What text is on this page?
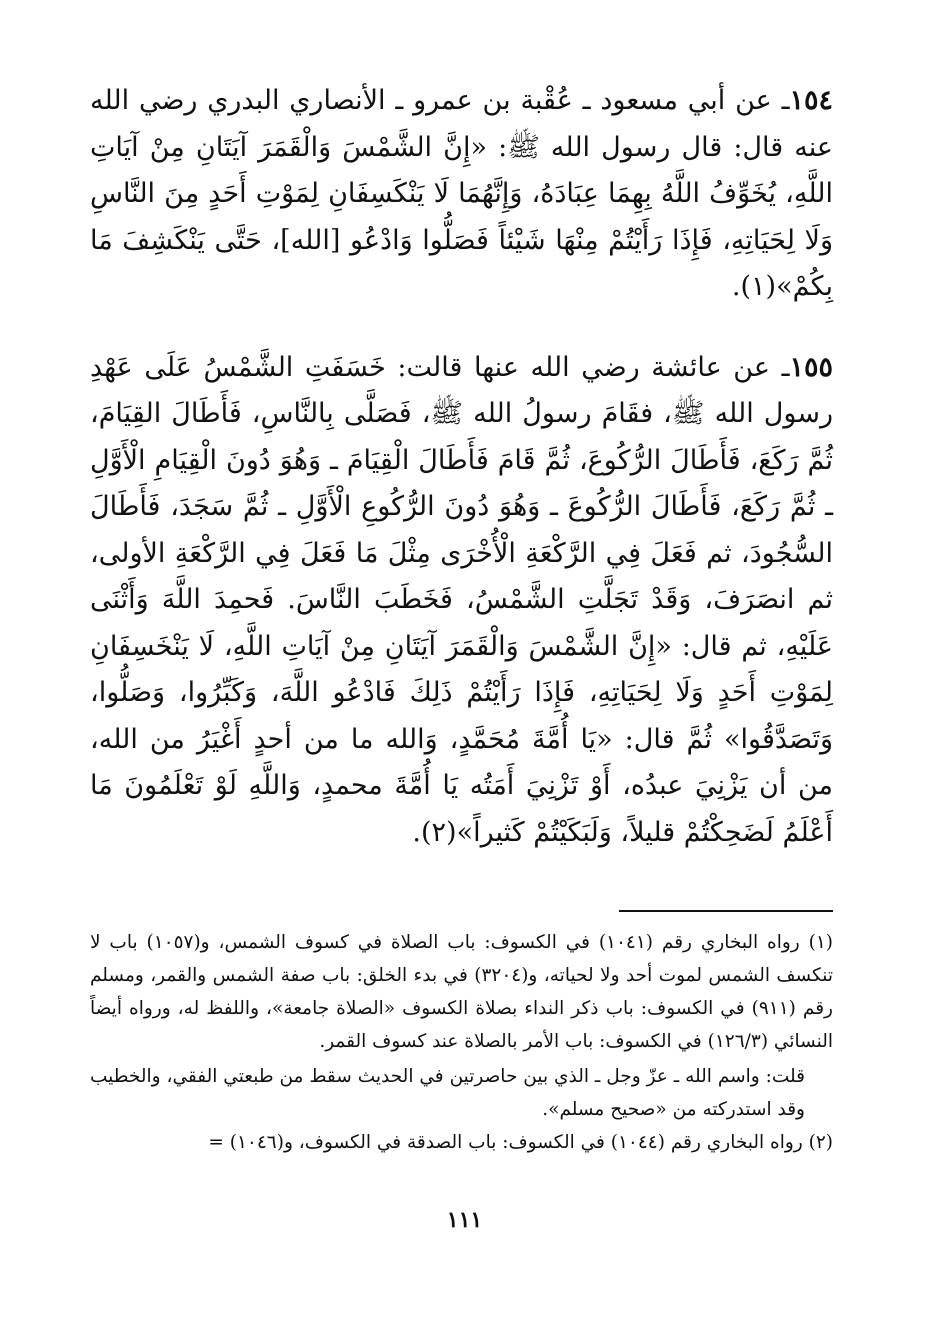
١٥٤ـ عن أبي مسعود ـ عُقْبة بن عمرو ـ الأنصاري البدري رضي الله عنه قال: قال رسول الله ﷺ: «إِنَّ الشَّمْسَ وَالْقَمَرَ آيَتَانِ مِنْ آيَاتِ اللَّهِ، يُخَوِّفُ اللَّهُ بِهِمَا عِبَادَهُ، وَإِنَّهُمَا لَا يَنْكَسِفَانِ لِمَوْتِ أَحَدٍ مِنَ النَّاسِ وَلَا لِحَيَاتِهِ، فَإِذَا رَأَيْتُمْ مِنْهَا شَيْئاً فَصَلُّوا وَادْعُو [الله]، حَتَّى يَنْكَشِفَ مَا بِكُمْ»(١).

١٥٥ـ عن عائشة رضي الله عنها قالت: خَسَفَتِ الشَّمْسُ عَلَى عَهْدِ رسول الله ﷺ، فقَامَ رسولُ الله ﷺ، فَصَلَّى بِالنَّاسِ، فَأَطَالَ القِيَامَ، ثُمَّ رَكَعَ، فَأَطَالَ الرُّكُوعَ، ثُمَّ قَامَ فَأَطَالَ الْقِيَامَ ـ وَهُوَ دُونَ الْقِيَامِ الْأَوَّلِ ـ ثُمَّ رَكَعَ، فَأَطَالَ الرُّكُوعَ ـ وَهُوَ دُونَ الرُّكُوعِ الْأَوَّلِ ـ ثُمَّ سَجَدَ، فَأَطَالَ السُّجُودَ، ثم فَعَلَ فِي الرَّكْعَةِ الْأُخْرَى مِثْلَ مَا فَعَلَ فِي الرَّكْعَةِ الأولى، ثم انصَرَفَ، وَقَدْ تَجَلَّتِ الشَّمْسُ، فَخَطَبَ النَّاسَ. فَحمِدَ اللَّهَ وَأَثْنَى عَلَيْهِ، ثم قال: «إِنَّ الشَّمْسَ وَالْقَمَرَ آيَتَانِ مِنْ آيَاتِ اللَّهِ، لَا يَنْخَسِفَانِ لِمَوْتِ أَحَدٍ وَلَا لِحَيَاتِهِ، فَإِذَا رَأَيْتُمْ ذَلِكَ فَادْعُو اللَّهَ، وَكَبِّرُوا، وَصَلُّوا، وَتَصَدَّقُوا» ثُمَّ قال: «يَا أُمَّةَ مُحَمَّدٍ، وَالله ما من أحدٍ أَغْيَرُ من الله، من أن يَزْنِيَ عبدُه، أَوْ تَزْنِيَ أَمَتُه يَا أُمَّةَ محمدٍ، وَاللَّهِ لَوْ تَعْلَمُونَ مَا أَعْلَمُ لَضَحِكْتُمْ قليلاً، وَلَبَكَيْتُمْ كَثيراً»(٢).

(١) رواه البخاري رقم (١٠٤١) في الكسوف: باب الصلاة في كسوف الشمس، و(١٠٥٧) باب لا تنكسف الشمس لموت أحد ولا لحياته، و(٣٢٠٤) في بدء الخلق: باب صفة الشمس والقمر، ومسلم رقم (٩١١) في الكسوف: باب ذكر النداء بصلاة الكسوف «الصلاة جامعة»، واللفظ له، ورواه أيضاً النسائي (١٢٦/٣) في الكسوف: باب الأمر بالصلاة عند كسوف القمر.

قلت: واسم الله ـ عزّ وجل ـ الذي بين حاصرتين في الحديث سقط من طبعتي الفقي، والخطيب وقد استدركته من «صحيح مسلم».

(٢) رواه البخاري رقم (١٠٤٤) في الكسوف: باب الصدقة في الكسوف، و(١٠٤٦) =

١١١
